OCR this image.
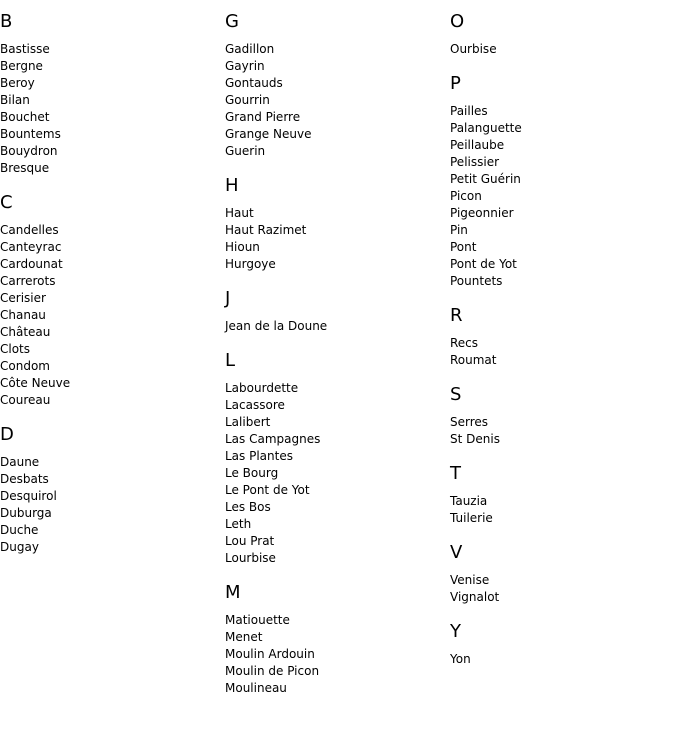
B
Bastisse
Bergne
Beroy
Bilan
Bouchet
Bountems
Bouydron
Bresque
C
Candelles
Canteyrac
Cardounat
Carrerots
Cerisier
Chanau
Château
Clots
Condom
Côte Neuve
Coureau
D
Daune
Desbats
Desquirol
Duburga
Duche
Dugay
G
Gadillon
Gayrin
Gontauds
Gourrin
Grand Pierre
Grange Neuve
Guerin
H
Haut
Haut Razimet
Hioun
Hurgoye
J
Jean de la Doune
L
Labourdette
Lacassore
Lalibert
Las Campagnes
Las Plantes
Le Bourg
Le Pont de Yot
Les Bos
Leth
Lou Prat
Lourbise
M
Matiouette
Menet
Moulin Ardouin
Moulin de Picon
Moulineau
O
Ourbise
P
Pailles
Palanguette
Peillaube
Pelissier
Petit Guérin
Picon
Pigeonnier
Pin
Pont
Pont de Yot
Pountets
R
Recs
Roumat
S
Serres
St Denis
T
Tauzia
Tuilerie
V
Venise
Vignalot
Y
Yon
